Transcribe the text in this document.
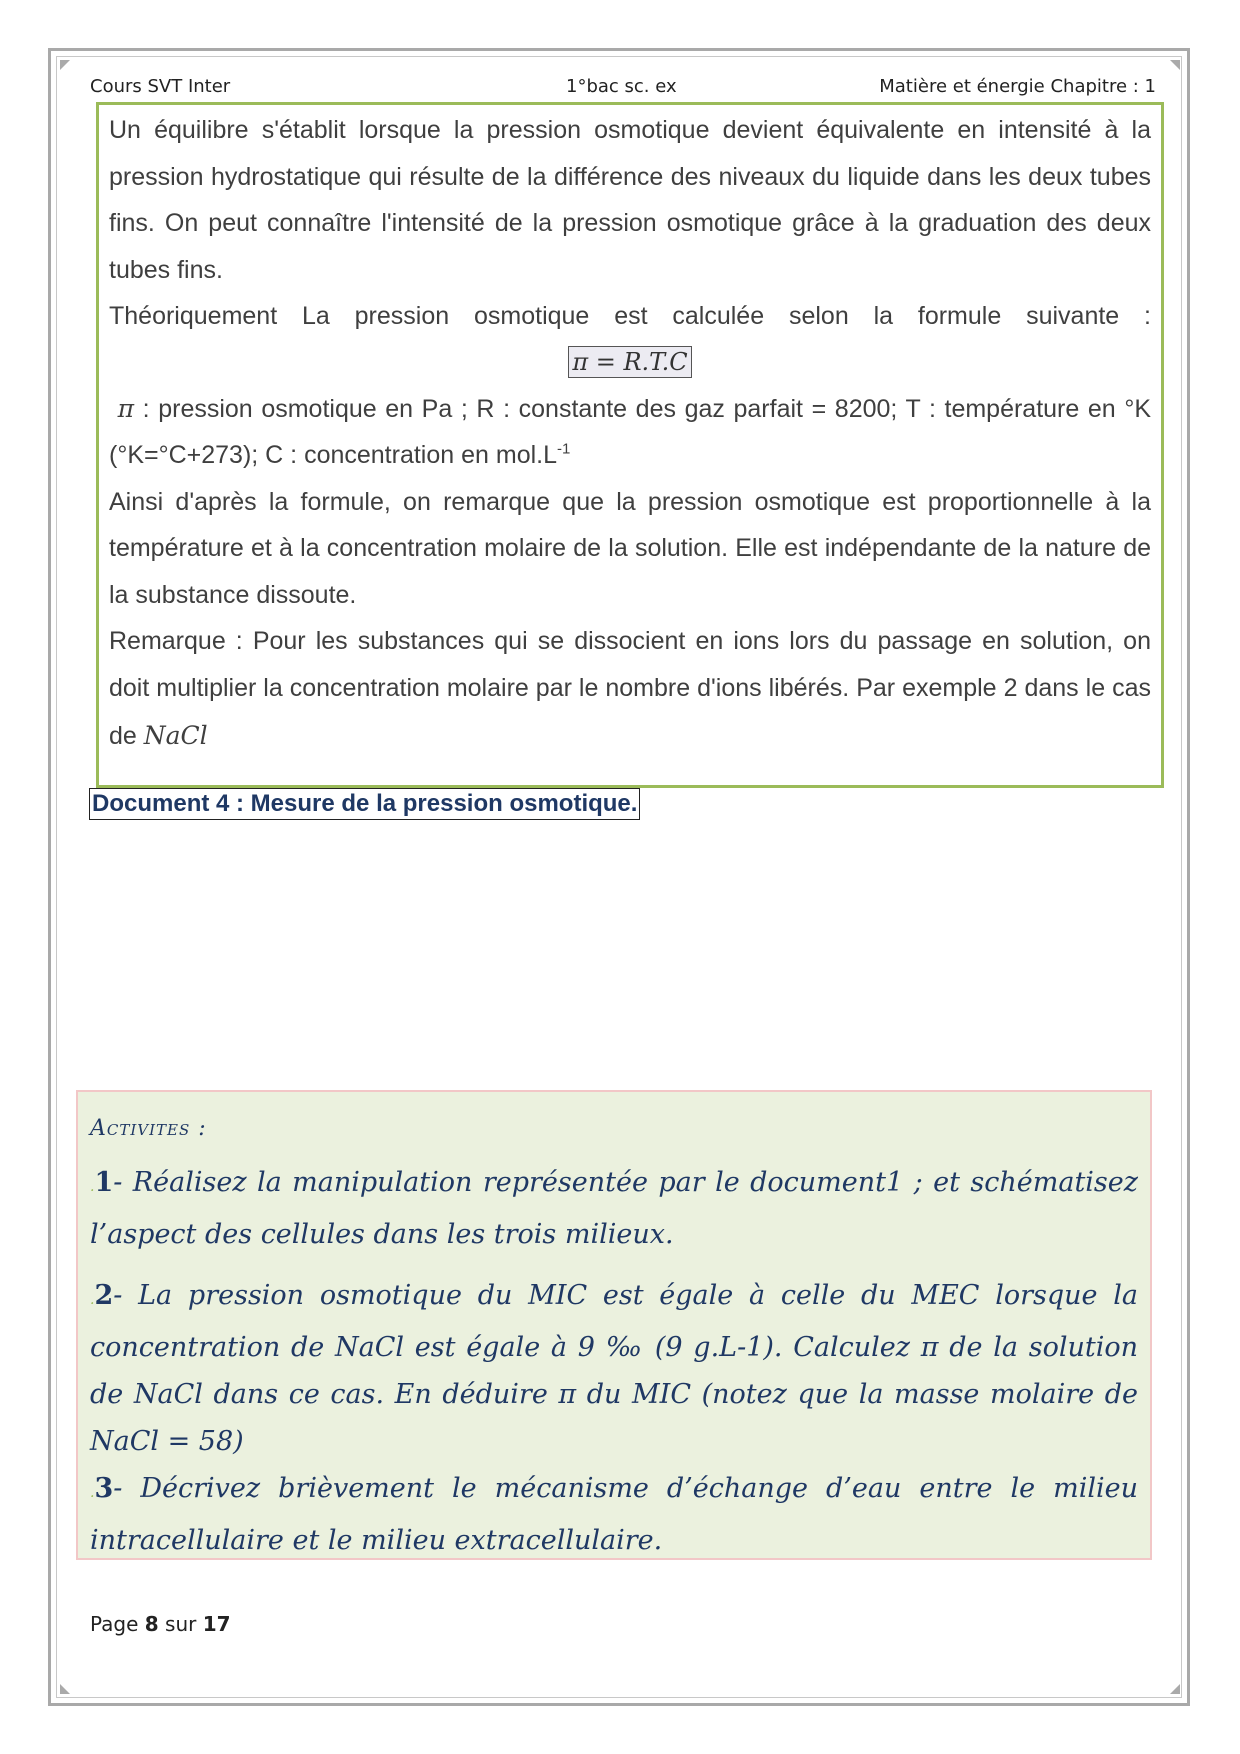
Cours SVT Inter	1°bac sc. ex	Matière et énergie Chapitre : 1

Un équilibre s'établit lorsque la pression osmotique devient équivalente en intensité à la pression hydrostatique qui résulte de la différence des niveaux du liquide dans les deux tubes fins. On peut connaître l'intensité de la pression osmotique grâce à la graduation des deux tubes fins.

Théoriquement La pression osmotique est calculée selon la formule suivante :

π = R.T.C

π : pression osmotique en Pa ; R : constante des gaz parfait = 8200; T : température en °K (°K=°C+273); C : concentration en $mol.L^{-1}$

Ainsi d'après la formule, on remarque que la pression osmotique est proportionnelle à la température et à la concentration molaire de la solution. Elle est indépendante de la nature de la substance dissoute.

Remarque : Pour les substances qui se dissocient en ions lors du passage en solution, on doit multiplier la concentration molaire par le nombre d'ions libérés. Par exemple 2 dans le cas de NaCl

Document 4 : Mesure de la pression osmotique.
Activites :

.1- Réalisez la manipulation représentée par le document1 ; et schématisez l’aspect des cellules dans les trois milieux.

.2- La pression osmotique du MIC est égale à celle du MEC lorsque la concentration de NaCl est égale à 9 ‰ (9 g.L-1). Calculez π de la solution de NaCl dans ce cas. En déduire π du MIC (notez que la masse molaire de NaCl = 58)

.3- Décrivez brièvement le mécanisme d’échange d’eau entre le milieu intracellulaire et le milieu extracellulaire.

Page 8 sur 17
